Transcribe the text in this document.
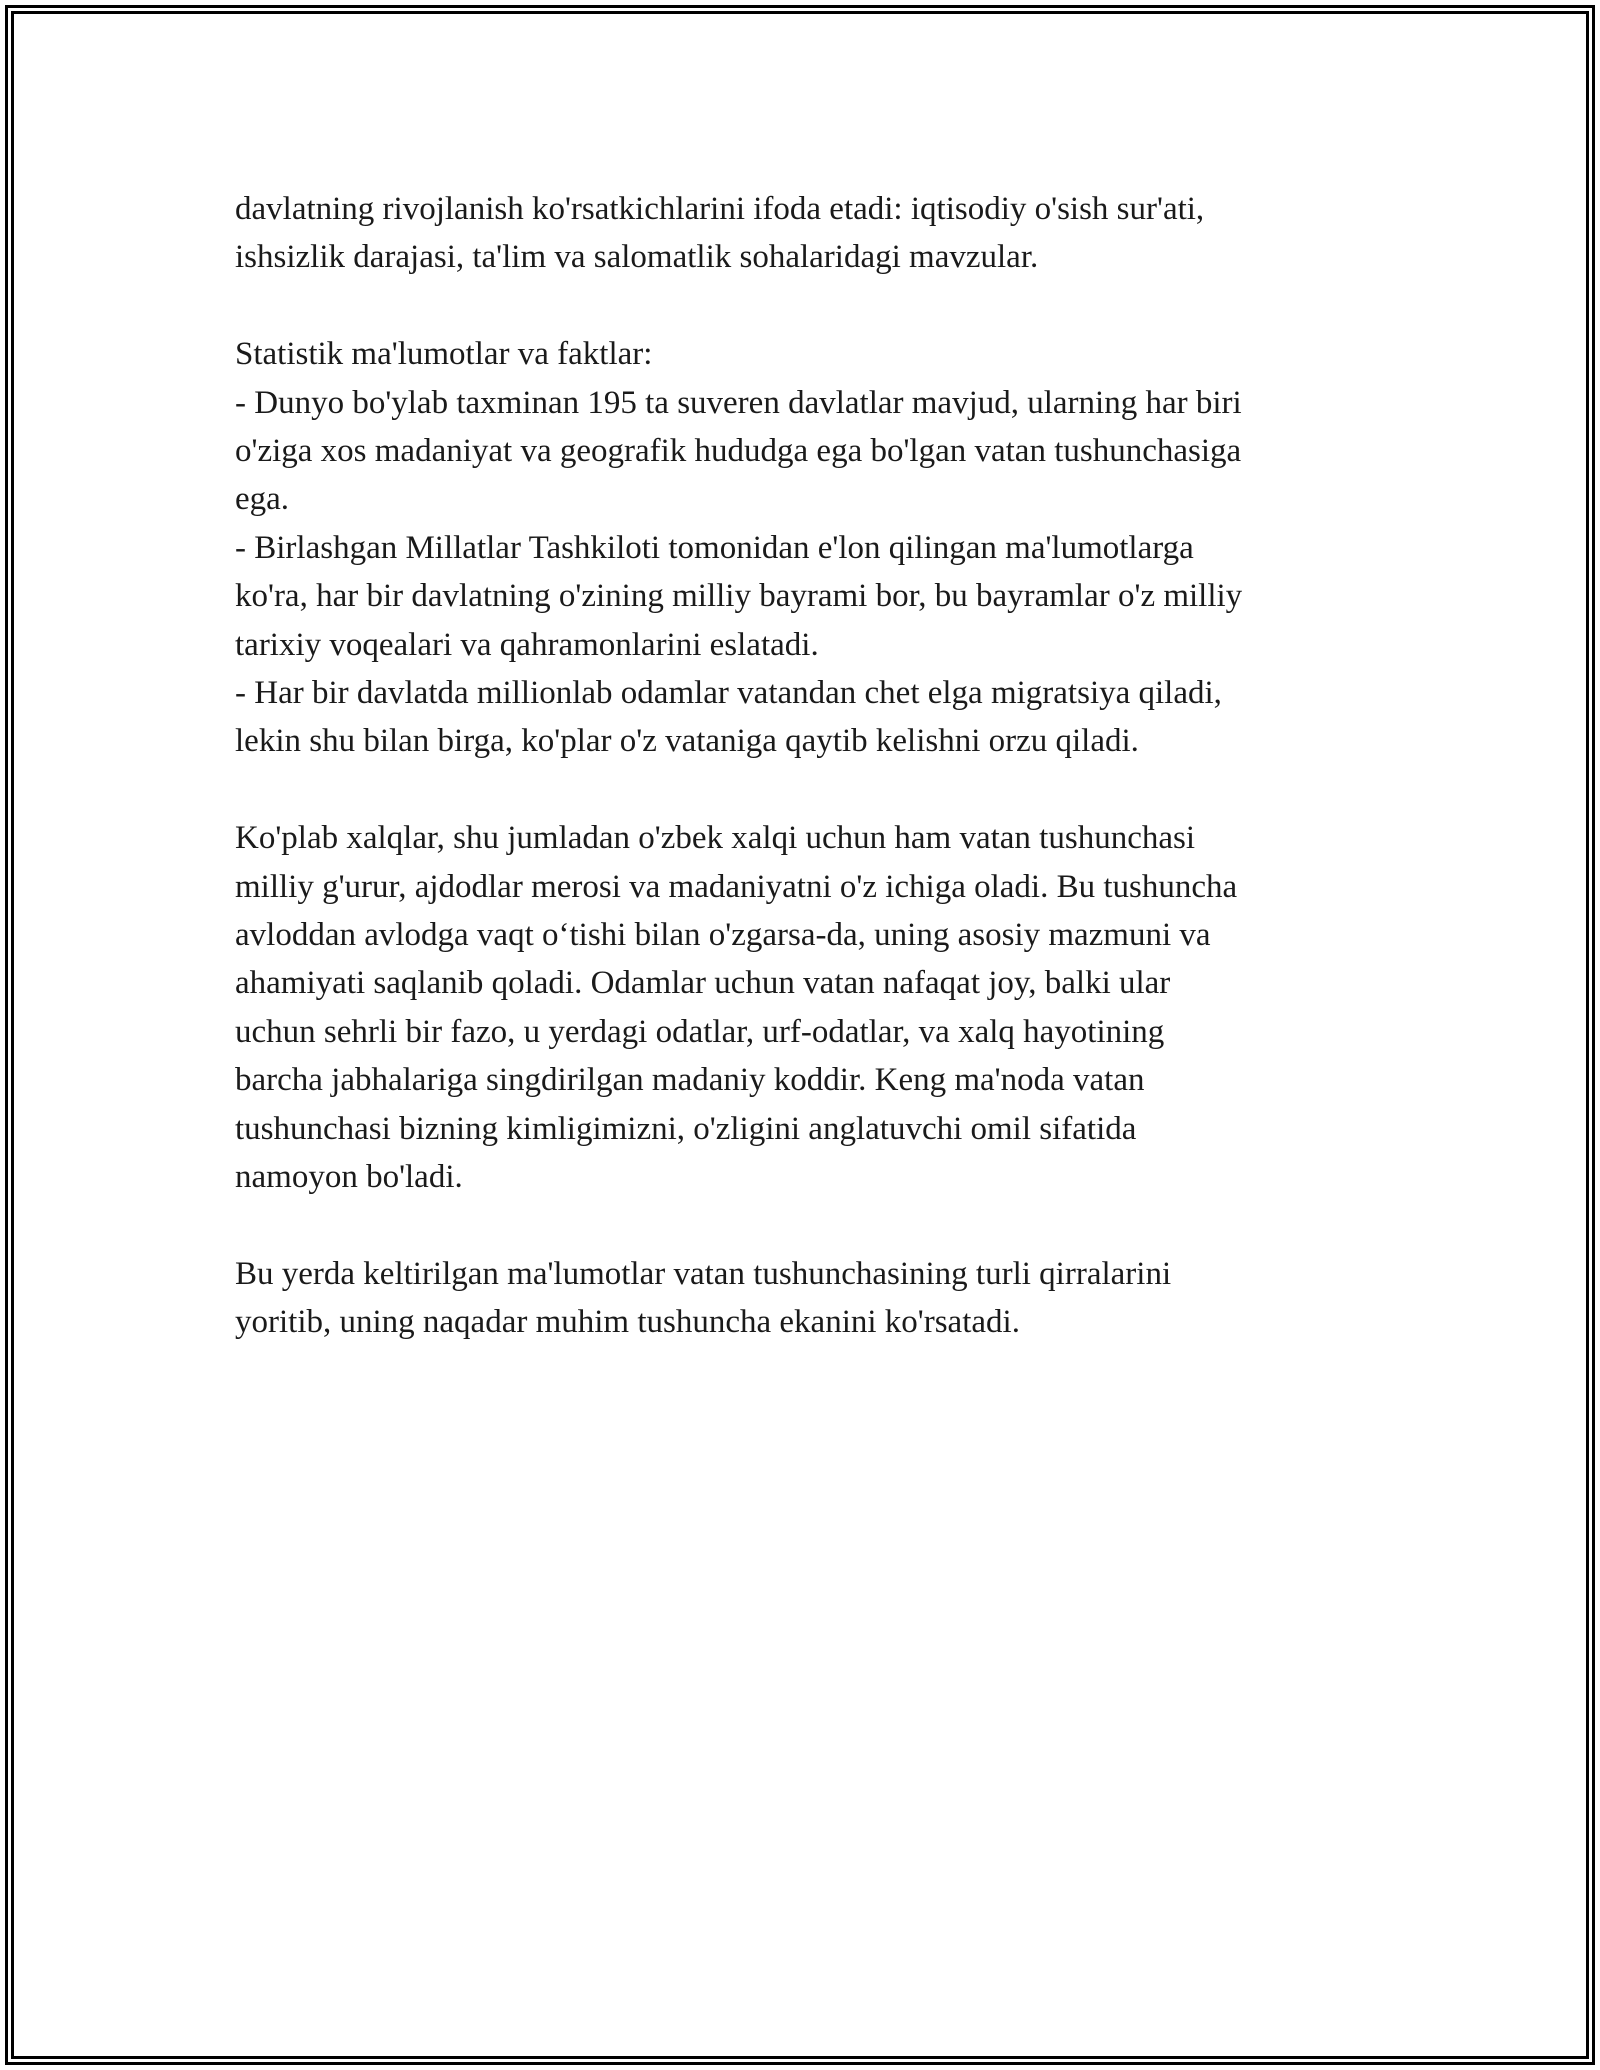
davlatning rivojlanish ko'rsatkichlarini ifoda etadi: iqtisodiy o'sish sur'ati,

ishsizlik darajasi, ta'lim va salomatlik sohalaridagi mavzular.

Statistik ma'lumotlar va faktlar:

- Dunyo bo'ylab taxminan 195 ta suveren davlatlar mavjud, ularning har biri

o'ziga xos madaniyat va geografik hududga ega bo'lgan vatan tushunchasiga

ega.

- Birlashgan Millatlar Tashkiloti tomonidan e'lon qilingan ma'lumotlarga

ko'ra, har bir davlatning o'zining milliy bayrami bor, bu bayramlar o'z milliy

tarixiy voqealari va qahramonlarini eslatadi.

- Har bir davlatda millionlab odamlar vatandan chet elga migratsiya qiladi,

lekin shu bilan birga, ko'plar o'z vataniga qaytib kelishni orzu qiladi.

Ko'plab xalqlar, shu jumladan o'zbek xalqi uchun ham vatan tushunchasi

milliy g'urur, ajdodlar merosi va madaniyatni o'z ichiga oladi. Bu tushuncha

avloddan avlodga vaqt o‘tishi bilan o'zgarsa-da, uning asosiy mazmuni va

ahamiyati saqlanib qoladi. Odamlar uchun vatan nafaqat joy, balki ular

uchun sehrli bir fazo, u yerdagi odatlar, urf-odatlar, va xalq hayotining

barcha jabhalariga singdirilgan madaniy koddir. Keng ma'noda vatan

tushunchasi bizning kimligimizni, o'zligini anglatuvchi omil sifatida

namoyon bo'ladi.

Bu yerda keltirilgan ma'lumotlar vatan tushunchasining turli qirralarini

yoritib, uning naqadar muhim tushuncha ekanini ko'rsatadi.
